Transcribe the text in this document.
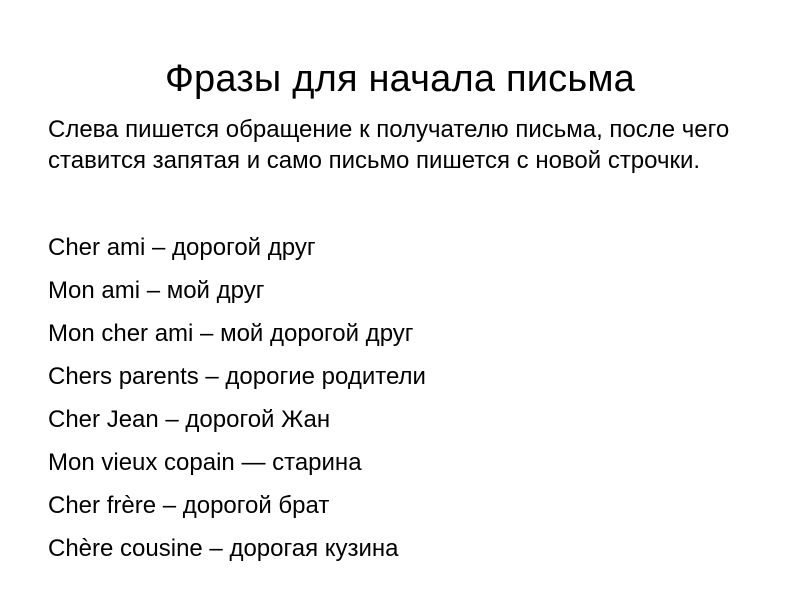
Фразы для начала письма

Слева пишется обращение к получателю письма, после чего ставится запятая и само письмо пишется с новой строчки.

Cher ami – дорогой друг
Mon ami – мой друг
Mon cher ami – мой дорогой друг
Chers parents – дорогие родители
Cher Jean – дорогой Жан
Mon vieux copain — старина
Cher frère – дорогой брат
Chère cousine – дорогая кузина
